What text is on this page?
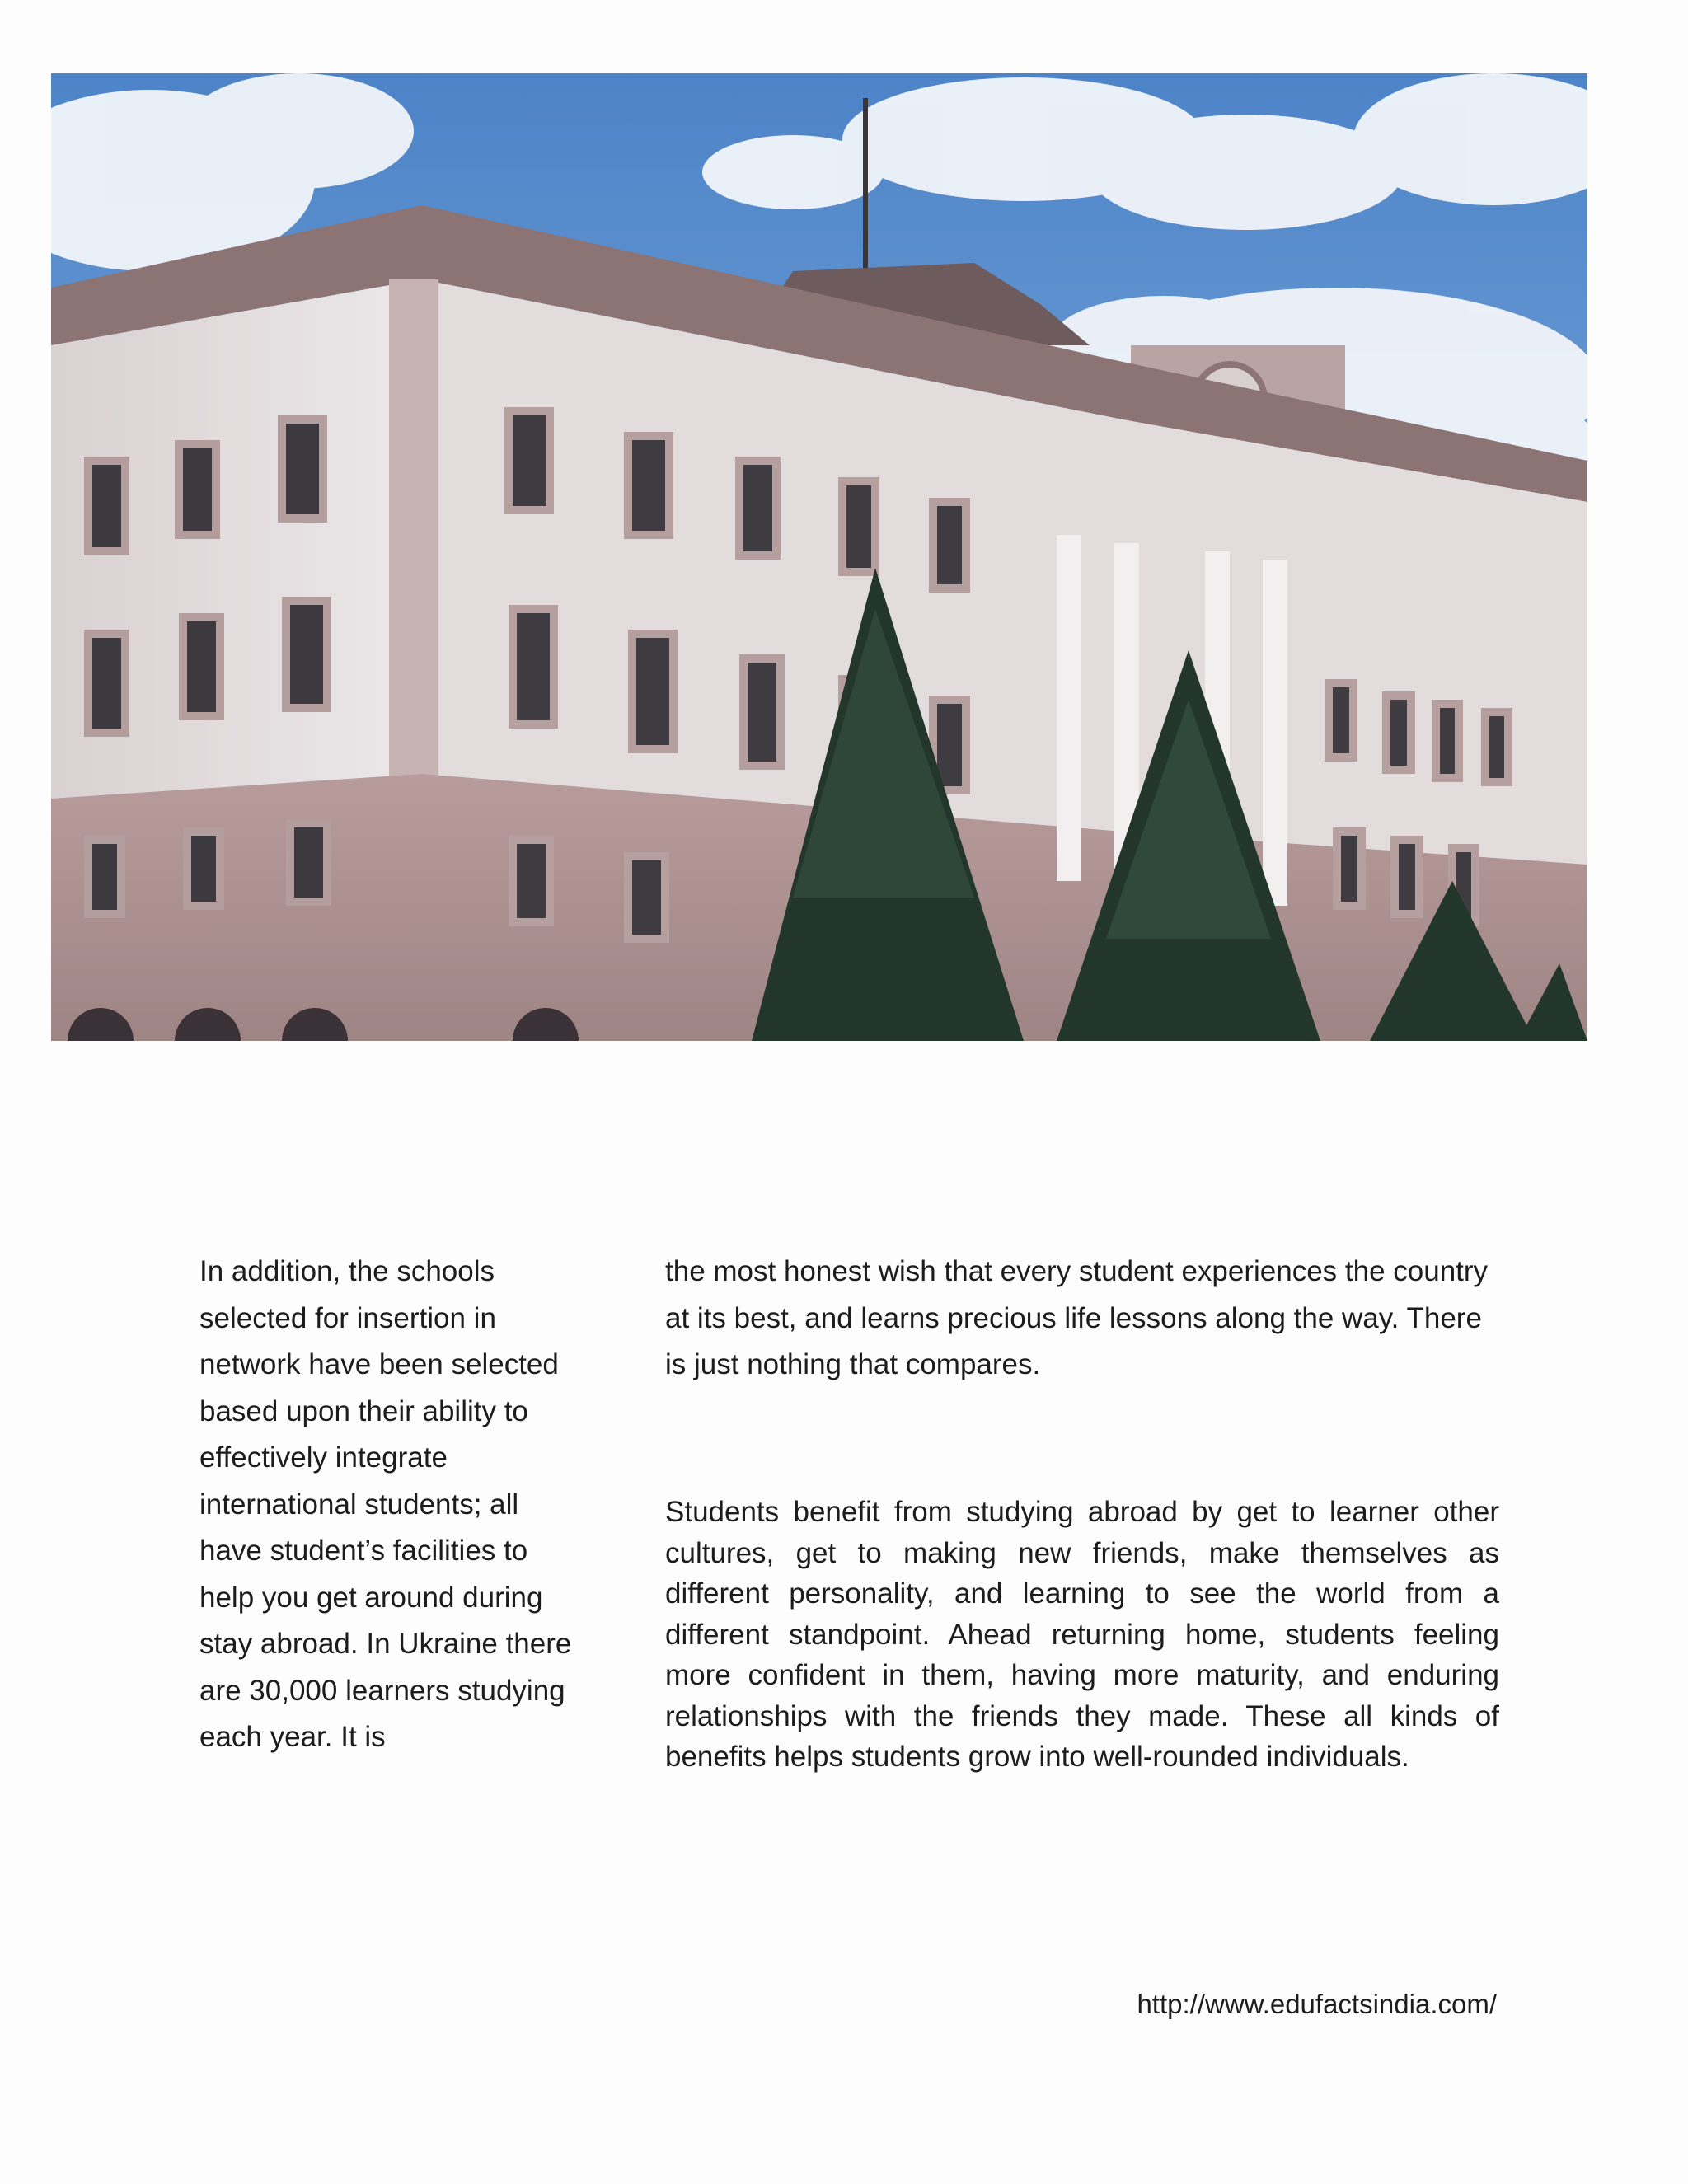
In addition, the schools selected for insertion in network have been selected based upon their ability to effectively integrate international students; all have student’s facilities to help you get around during stay abroad. In Ukraine there are 30,000 learners studying each year. It is

the most honest wish that every student experiences the country at its best, and learns precious life lessons along the way. There is just nothing that compares.

Students benefit from studying abroad by get to learner other cultures, get to making new friends, make themselves as different personality, and learning to see the world from a different standpoint. Ahead returning home, students feeling more confident in them, having more maturity, and enduring relationships with the friends they made. These all kinds of benefits helps students grow into well-rounded individuals.

http://www.edufactsindia.com/
